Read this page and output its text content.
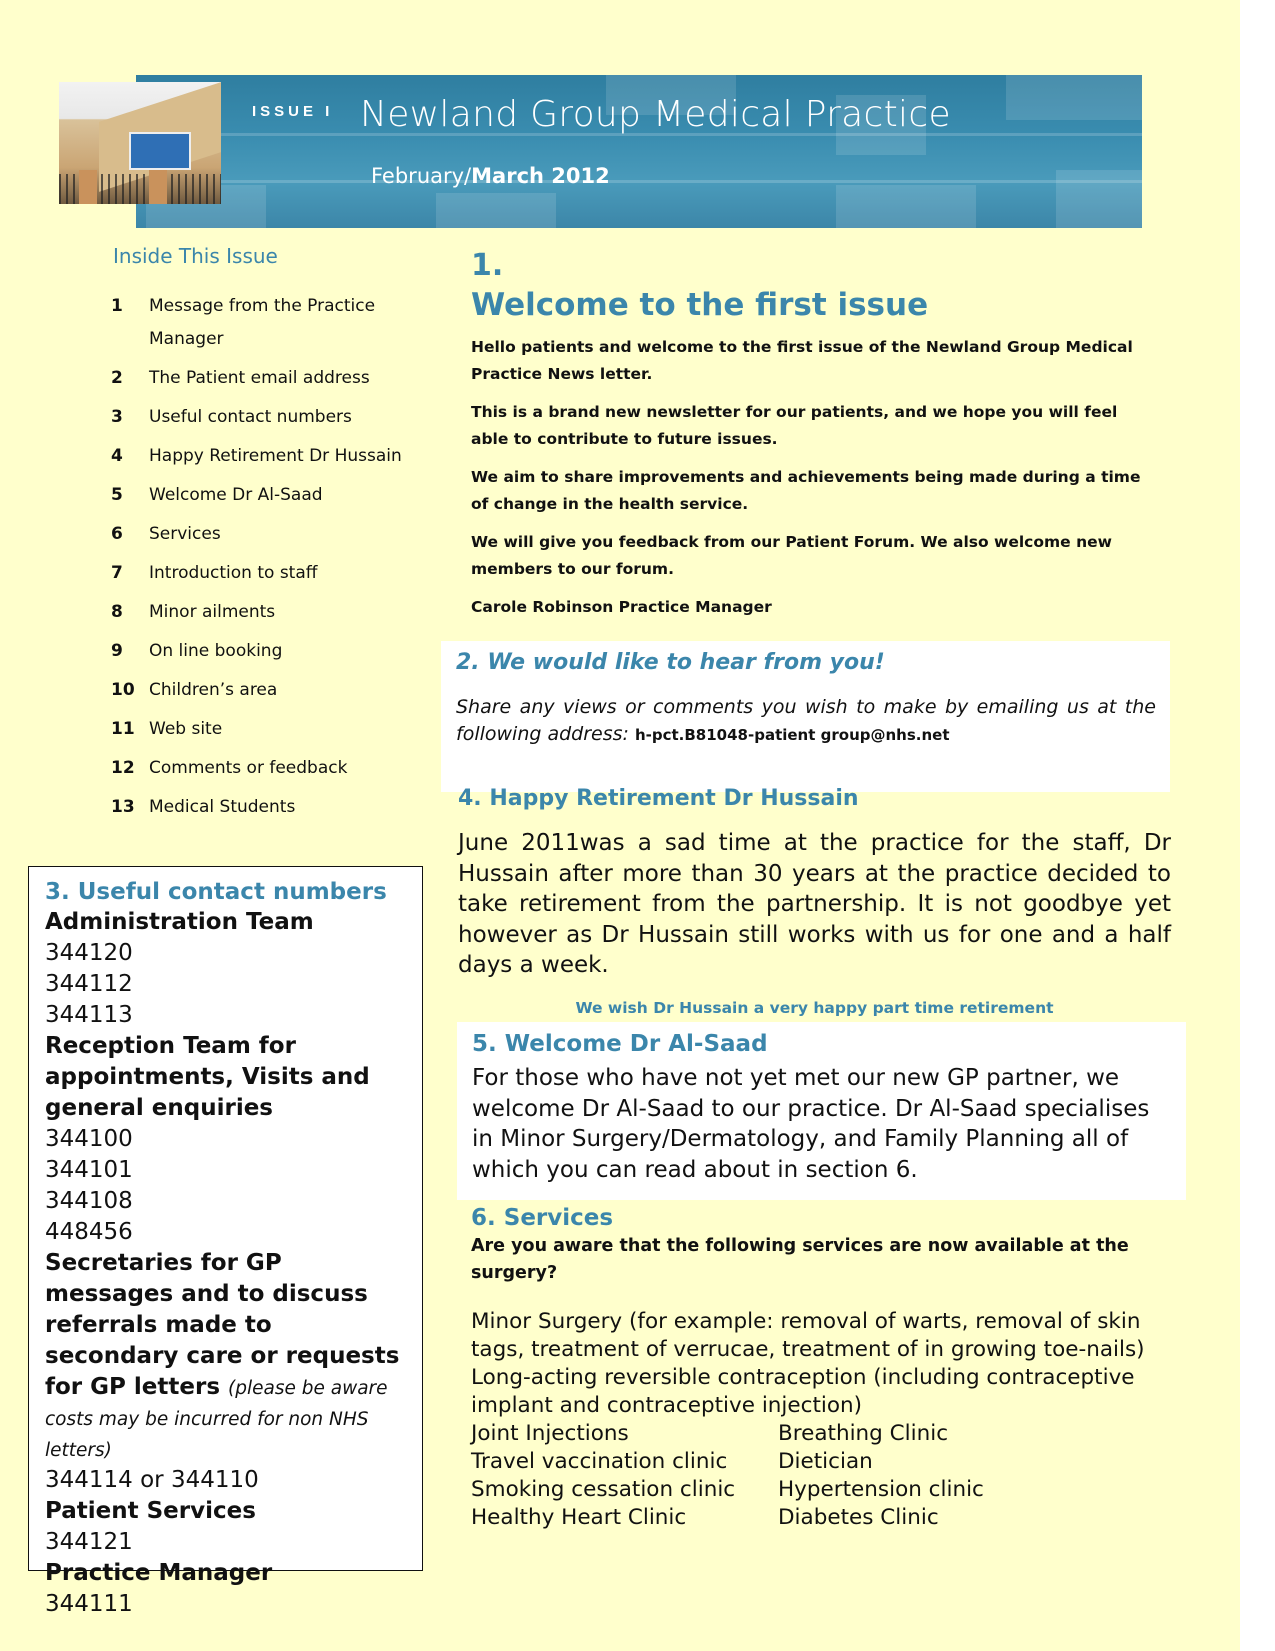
ISSUE I Newland Group Medical Practice
February/March 2012
Inside This Issue
1	Message from the Practice Manager
2	The Patient email address
3	Useful contact numbers
4	Happy Retirement Dr Hussain
5	Welcome Dr Al-Saad
6	Services
7	Introduction to staff
8	Minor ailments
9	On line booking
10 Children’s area
11 Web site
12 Comments or feedback
13 Medical Students
3. Useful contact numbers
Administration Team
344120
344112
344113
Reception Team for appointments, Visits and general enquiries
344100
344101
344108
448456
Secretaries for GP messages and to discuss referrals made to secondary care or requests for GP letters (please be aware costs may be incurred for non NHS letters)
344114 or 344110
Patient Services
344121
Practice Manager
344111
1.
Welcome to the first issue

Hello patients and welcome to the first issue of the Newland Group Medical Practice News letter.

This is a brand new newsletter for our patients, and we hope you will feel able to contribute to future issues.

We aim to share improvements and achievements being made during a time of change in the health service.

We will give you feedback from our Patient Forum. We also welcome new members to our forum.

Carole Robinson Practice Manager

2. We would like to hear from you!

Share any views or comments you wish to make by emailing us at the following address: h-pct.B81048-patient group@nhs.net

4. Happy Retirement Dr Hussain

June 2011was a sad time at the practice for the staff, Dr Hussain after more than 30 years at the practice decided to take retirement from the partnership. It is not goodbye yet however as Dr Hussain still works with us for one and a half days a week.

We wish Dr Hussain a very happy part time retirement
5. Welcome Dr Al-Saad

For those who have not yet met our new GP partner, we welcome Dr Al-Saad to our practice. Dr Al-Saad specialises in Minor Surgery/Dermatology, and Family Planning all of which you can read about in section 6.

6. Services

Are you aware that the following services are now available at the surgery?

Minor Surgery (for example: removal of warts, removal of skin tags, treatment of verrucae, treatment of in growing toe-nails)
Long-acting reversible contraception (including contraceptive implant and contraceptive injection)
Joint Injections	Breathing Clinic
Travel vaccination clinic	Dietician
Smoking cessation clinic	Hypertension clinic
Healthy Heart Clinic	Diabetes Clinic
